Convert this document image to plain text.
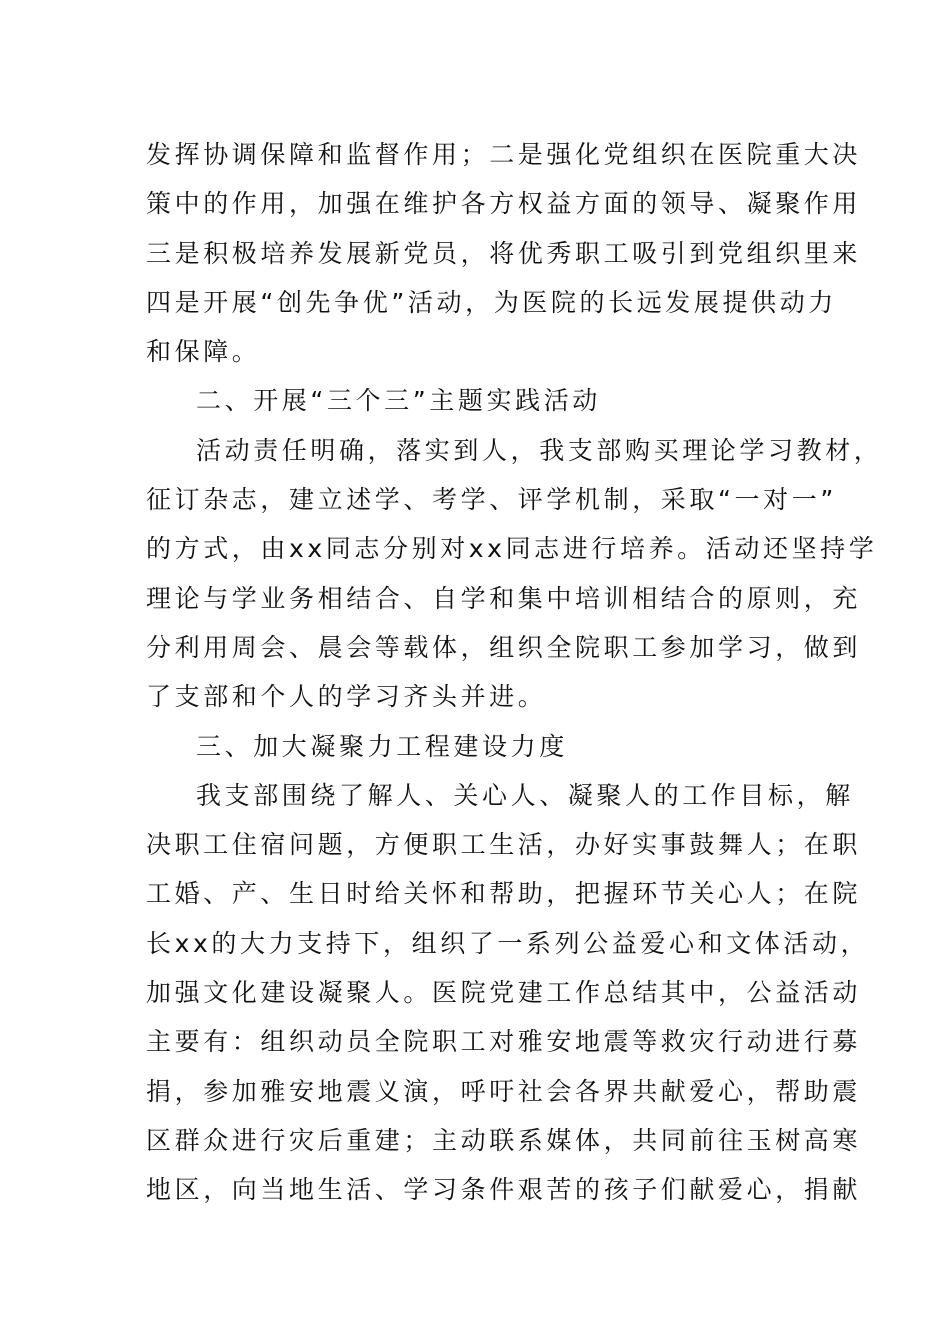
发挥协调保障和监督作用；二是强化党组织在医院重大决
策中的作用，加强在维护各方权益方面的领导、凝聚作用
三是积极培养发展新党员，将优秀职工吸引到党组织里来
四是开展“创先争优”活动，为医院的长远发展提供动力
和保障。
二、开展“三个三”主题实践活动
活动责任明确，落实到人，我支部购买理论学习教材，
征订杂志，建立述学、考学、评学机制，采取“一对一”
的方式，由xx同志分别对xx同志进行培养。活动还坚持学
理论与学业务相结合、自学和集中培训相结合的原则，充
分利用周会、晨会等载体，组织全院职工参加学习，做到
了支部和个人的学习齐头并进。
三、加大凝聚力工程建设力度
我支部围绕了解人、关心人、凝聚人的工作目标，解
决职工住宿问题，方便职工生活，办好实事鼓舞人；在职
工婚、产、生日时给关怀和帮助，把握环节关心人；在院
长xx的大力支持下，组织了一系列公益爱心和文体活动，
加强文化建设凝聚人。医院党建工作总结其中，公益活动
主要有：组织动员全院职工对雅安地震等救灾行动进行募
捐，参加雅安地震义演，呼吁社会各界共献爱心，帮助震
区群众进行灾后重建；主动联系媒体，共同前往玉树高寒
地区，向当地生活、学习条件艰苦的孩子们献爱心，捐献
